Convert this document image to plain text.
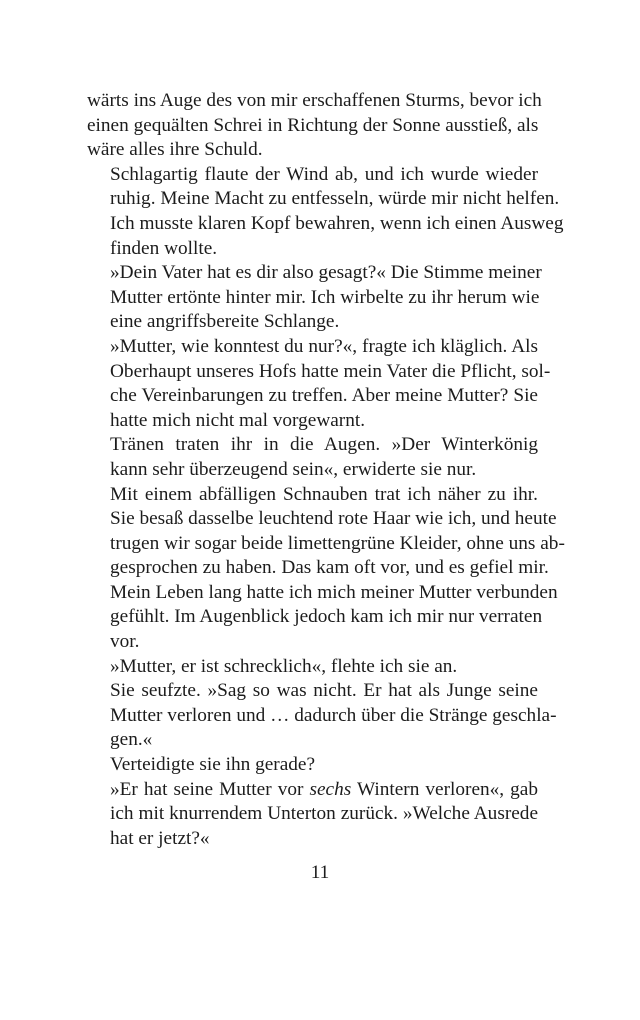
wärts ins Auge des von mir erschaffenen Sturms, bevor ich
einen gequälten Schrei in Richtung der Sonne ausstieß, als
wäre alles ihre Schuld.

Schlagartig flaute der Wind ab, und ich wurde wieder
ruhig. Meine Macht zu entfesseln, würde mir nicht helfen.
Ich musste klaren Kopf bewahren, wenn ich einen Ausweg
finden wollte.

»Dein Vater hat es dir also gesagt?« Die Stimme meiner
Mutter ertönte hinter mir. Ich wirbelte zu ihr herum wie
eine angriffsbereite Schlange.

»Mutter, wie konntest du nur?«, fragte ich kläglich. Als
Oberhaupt unseres Hofs hatte mein Vater die Pflicht, sol-
che Vereinbarungen zu treffen. Aber meine Mutter? Sie
hatte mich nicht mal vorgewarnt.

Tränen traten ihr in die Augen. »Der Winterkönig
kann sehr überzeugend sein«, erwiderte sie nur.

Mit einem abfälligen Schnauben trat ich näher zu ihr.
Sie besaß dasselbe leuchtend rote Haar wie ich, und heute
trugen wir sogar beide limettengrüne Kleider, ohne uns ab-
gesprochen zu haben. Das kam oft vor, und es gefiel mir.
Mein Leben lang hatte ich mich meiner Mutter verbunden
gefühlt. Im Augenblick jedoch kam ich mir nur verraten
vor.

»Mutter, er ist schrecklich«, flehte ich sie an.

Sie seufzte. »Sag so was nicht. Er hat als Junge seine
Mutter verloren und … dadurch über die Stränge geschla-
gen.«

Verteidigte sie ihn gerade?

»Er hat seine Mutter vor sechs Wintern verloren«, gab
ich mit knurrendem Unterton zurück. »Welche Ausrede
hat er jetzt?«

11
